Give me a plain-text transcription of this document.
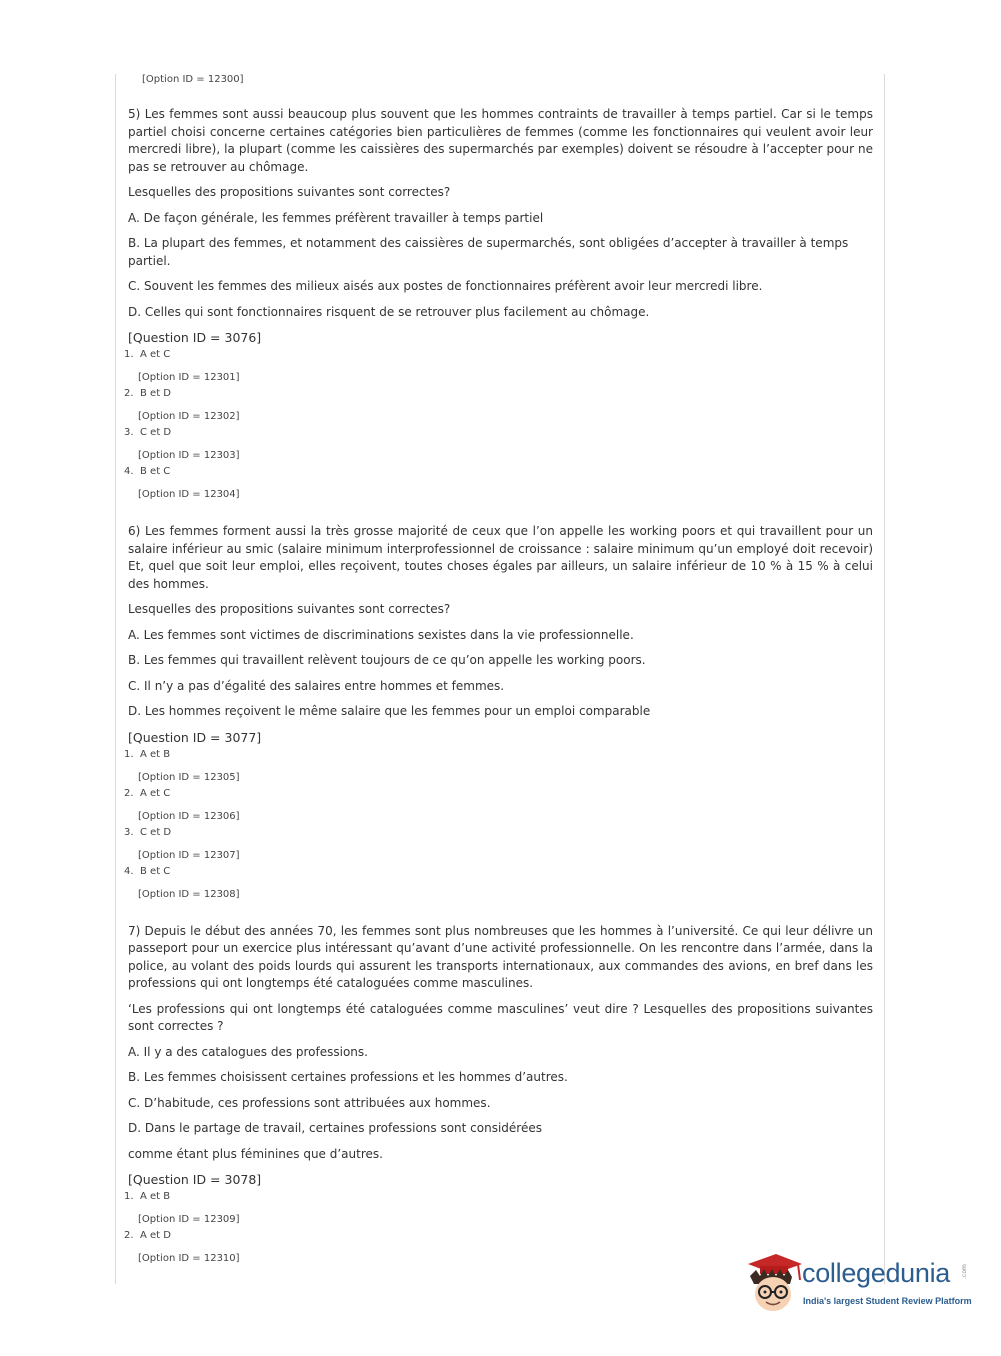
[Option ID = 12300]

5) Les femmes sont aussi beaucoup plus souvent que les hommes contraints de travailler à temps partiel. Car si le temps partiel choisi concerne certaines catégories bien particulières de femmes (comme les fonctionnaires qui veulent avoir leur mercredi libre), la plupart (comme les caissières des supermarchés par exemples) doivent se résoudre à l’accepter pour ne pas se retrouver au chômage.

Lesquelles des propositions suivantes sont correctes?

A. De façon générale, les femmes préfèrent travailler à temps partiel

B. La plupart des femmes, et notamment des caissières de supermarchés, sont obligées d’accepter à travailler à temps partiel.

C. Souvent les femmes des milieux aisés aux postes de fonctionnaires préfèrent avoir leur mercredi libre.

D. Celles qui sont fonctionnaires risquent de se retrouver plus facilement au chômage.

[Question ID = 3076]
1. A et C
[Option ID = 12301]
2. B et D
[Option ID = 12302]
3. C et D
[Option ID = 12303]
4. B et C
[Option ID = 12304]

6) Les femmes forment aussi la très grosse majorité de ceux que l’on appelle les working poors et qui travaillent pour un salaire inférieur au smic (salaire minimum interprofessionnel de croissance : salaire minimum qu’un employé doit recevoir) Et, quel que soit leur emploi, elles reçoivent, toutes choses égales par ailleurs, un salaire inférieur de 10 % à 15 % à celui des hommes.

Lesquelles des propositions suivantes sont correctes?

A. Les femmes sont victimes de discriminations sexistes dans la vie professionnelle.

B. Les femmes qui travaillent relèvent toujours de ce qu’on appelle les working poors.

C. Il n’y a pas d’égalité des salaires entre hommes et femmes.

D. Les hommes reçoivent le même salaire que les femmes pour un emploi comparable

[Question ID = 3077]
1. A et B
[Option ID = 12305]
2. A et C
[Option ID = 12306]
3. C et D
[Option ID = 12307]
4. B et C
[Option ID = 12308]

7) Depuis le début des années 70, les femmes sont plus nombreuses que les hommes à l’université. Ce qui leur délivre un passeport pour un exercice plus intéressant qu’avant d’une activité professionnelle. On les rencontre dans l’armée, dans la police, au volant des poids lourds qui assurent les transports internationaux, aux commandes des avions, en bref dans les professions qui ont longtemps été cataloguées comme masculines.

‘Les professions qui ont longtemps été cataloguées comme masculines’ veut dire ? Lesquelles des propositions suivantes sont correctes ?

A. Il y a des catalogues des professions.

B. Les femmes choisissent certaines professions et les hommes d’autres.

C. D’habitude, ces professions sont attribuées aux hommes.

D. Dans le partage de travail, certaines professions sont considérées

comme étant plus féminines que d’autres.

[Question ID = 3078]
1. A et B
[Option ID = 12309]
2. A et D
[Option ID = 12310]	collegedunia .com
India's largest Student Review Platform
